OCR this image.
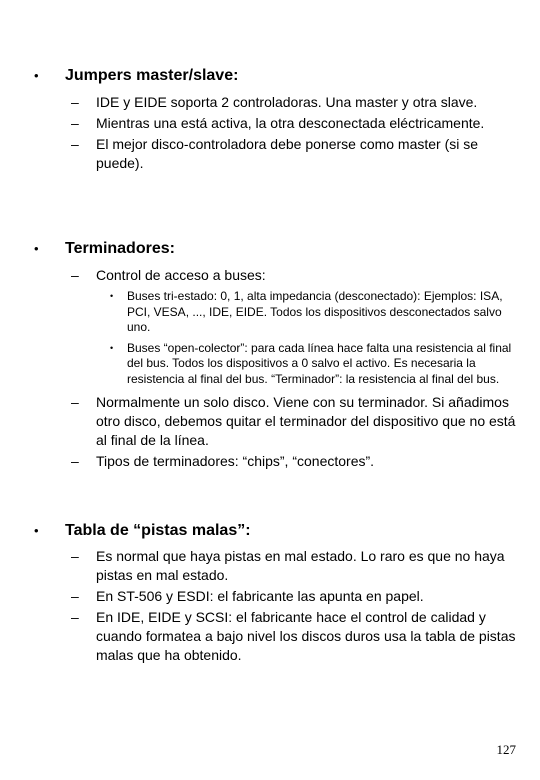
• Jumpers master/slave:
– IDE y EIDE soporta 2 controladoras. Una master y otra slave.
– Mientras una está activa, la otra desconectada eléctricamente.
– El mejor disco-controladora debe ponerse como master (si se puede).
• Terminadores:
– Control de acceso a buses:
• Buses tri-estado: 0, 1, alta impedancia (desconectado): Ejemplos: ISA, PCI, VESA, ..., IDE, EIDE. Todos los dispositivos desconectados salvo uno.
• Buses “open-colector”: para cada línea hace falta una resistencia al final del bus. Todos los dispositivos a 0 salvo el activo. Es necesaria la resistencia al final del bus. “Terminador”: la resistencia al final del bus.
– Normalmente un solo disco. Viene con su terminador. Si añadimos otro disco, debemos quitar el terminador del dispositivo que no está al final de la línea.
– Tipos de terminadores: “chips”, “conectores”.
• Tabla de “pistas malas”:
– Es normal que haya pistas en mal estado. Lo raro es que no haya pistas en mal estado.
– En ST-506 y ESDI: el fabricante las apunta en papel.
– En IDE, EIDE y SCSI: el fabricante hace el control de calidad y cuando formatea a bajo nivel los discos duros usa la tabla de pistas malas que ha obtenido.
127
